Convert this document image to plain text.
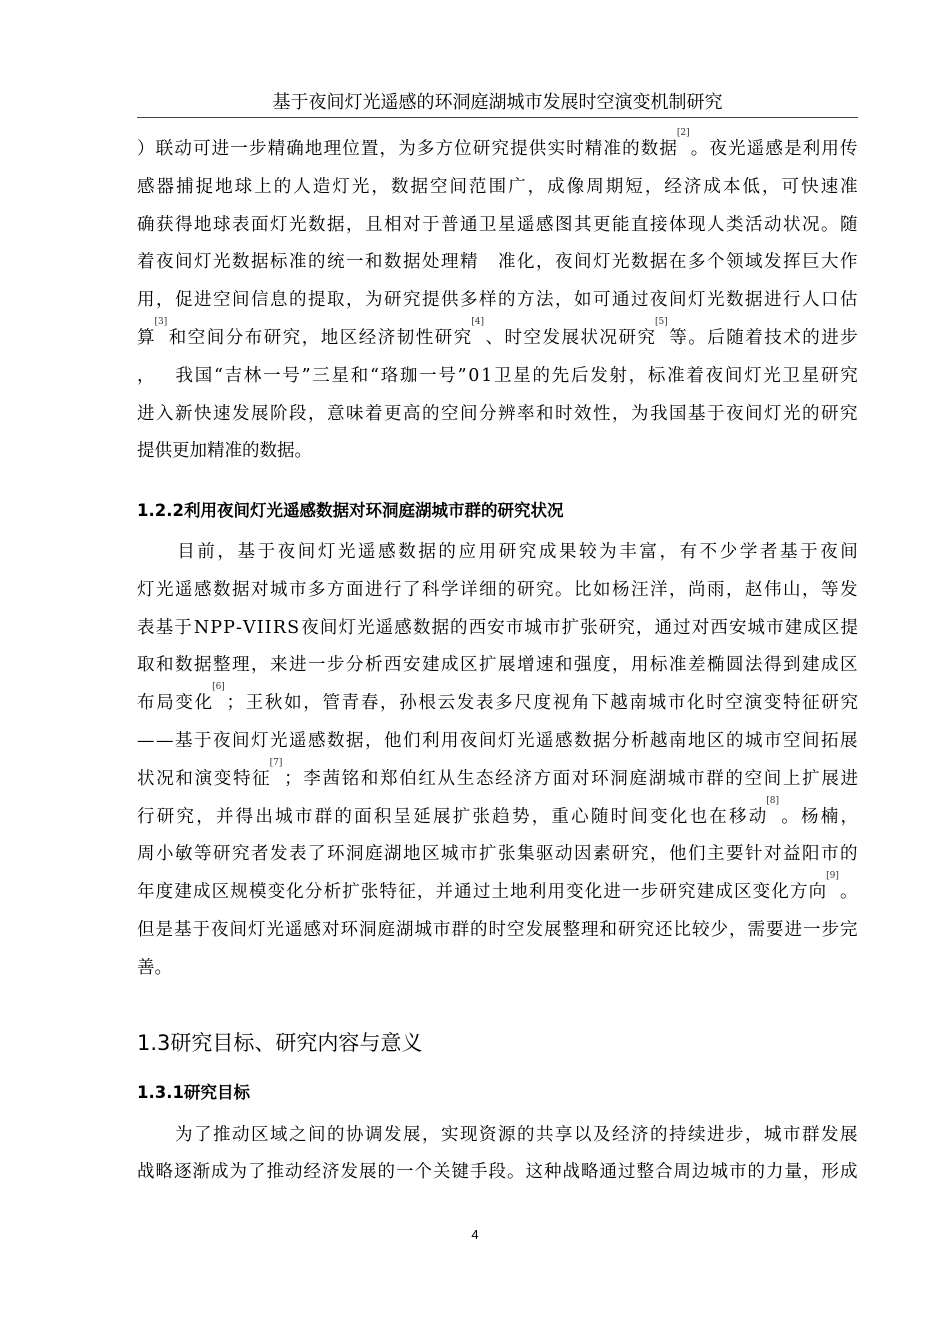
基于夜间灯光遥感的环洞庭湖城市发展时空演变机制研究
） 联 动 可 进 一 步 精 确 地 理 位 置 ， 为 多 方 位 研 究 提 供 实 时 精 准 的 数 据[2]
。 夜 光 遥 感 是 利 用 传
感 器 捕 捉 地 球 上 的 人 造 灯 光 ， 数 据 空 间 范 围 广 ， 成 像 周 期 短 ， 经 济 成 本 低 ， 可 快 速 准
确 获 得 地 球 表 面 灯 光 数 据 ， 且 相 对 于 普 通 卫 星 遥 感 图 其 更 能 直 接 体 现 人 类 活 动 状 况 。 随
着 夜 间 灯 光 数 据 标 准 的 统 一 和 数 据 处 理 精
　 准 化 ， 夜 间 灯 光 数 据 在 多 个 领 域 发 挥 巨 大 作
用 ， 促 进 空 间 信 息 的 提 取 ， 为 研 究 提 供 多 样 的 方 法 ， 如 可 通 过 夜 间 灯 光 数 据 进 行 人 口 估
算[3]
和 空 间 分 布 研 究 ， 地 区 经 济 韧 性 研 究[4]
、 时 空 发 展 状 况 研 究[5]
等 。 后 随 着 技 术 的 进 步
，
　 我 国 “ 吉 林 一 号 ” 三 星 和 “ 珞 珈 一 号 ” 0 1 卫 星 的 先 后 发 射 ， 标 准 着 夜 间 灯 光 卫 星 研 究
进 入 新 快 速 发 展 阶 段 ， 意 味 着 更 高 的 空 间 分 辨 率 和 时 效 性 ， 为 我 国 基 于 夜 间 灯 光 的 研 究
提 供 更 加 精 准 的 数 据 。
1.2.2利用夜间灯光遥感数据对环洞庭湖城市群的研究状况

目 前 ， 基 于 夜 间 灯 光 遥 感 数 据 的 应 用 研 究 成 果 较 为 丰 富 ， 有 不 少 学 者 基 于 夜 间
灯 光 遥 感 数 据 对 城 市 多 方 面 进 行 了 科 学 详 细 的 研 究 。 比 如 杨 汪 洋 ， 尚 雨 ， 赵 伟 山 ， 等 发
表 基 于 N P P - V I I R S 夜 间 灯 光 遥 感 数 据 的 西 安 市 城 市 扩 张 研 究 ， 通 过 对 西 安 城 市 建 成 区 提
取 和 数 据 整 理 ， 来 进 一 步 分 析 西 安 建 成 区 扩 展 增 速 和 强 度 ， 用 标 准 差 椭 圆 法 得 到 建 成 区
布 局 变 化[6]
； 王 秋 如 ， 管 青 春 ， 孙 根 云 发 表 多 尺 度 视 角 下 越 南 城 市 化 时 空 演 变 特 征 研 究
— — 基 于 夜 间 灯 光 遥 感 数 据 ， 他 们 利 用 夜 间 灯 光 遥 感 数 据 分 析 越 南 地 区 的 城 市 空 间 拓 展
状 况 和 演 变 特 征[7]
； 李 茜 铭 和 郑 伯 红 从 生 态 经 济 方 面 对 环 洞 庭 湖 城 市 群 的 空 间 上 扩 展 进
行 研 究 ， 并 得 出 城 市 群 的 面 积 呈 延 展 扩 张 趋 势 ， 重 心 随 时 间 变 化 也 在 移 动[8]
。 杨 楠 ，
周 小 敏 等 研 究 者 发 表 了 环 洞 庭 湖 地 区 城 市 扩 张 集 驱 动 因 素 研 究 ， 他 们 主 要 针 对 益 阳 市 的
年 度 建 成 区 规 模 变 化 分 析 扩 张 特 征 ， 并 通 过 土 地 利 用 变 化 进 一 步 研 究 建 成 区 变 化 方 向[9]
。
但 是 基 于 夜 间 灯 光 遥 感 对 环 洞 庭 湖 城 市 群 的 时 空 发 展 整 理 和 研 究 还 比 较 少 ， 需 要 进 一 步 完
善 。
1.3研究目标、研究内容与意义
1.3.1研究目标

为 了 推 动 区 域 之 间 的 协 调 发 展 ， 实 现 资 源 的 共 享 以 及 经 济 的 持 续 进 步 ， 城 市 群 发 展
战 略 逐 渐 成 为 了 推 动 经 济 发 展 的 一 个 关 键 手 段 。 这 种 战 略 通 过 整 合 周 边 城 市 的 力 量 ， 形 成
4
